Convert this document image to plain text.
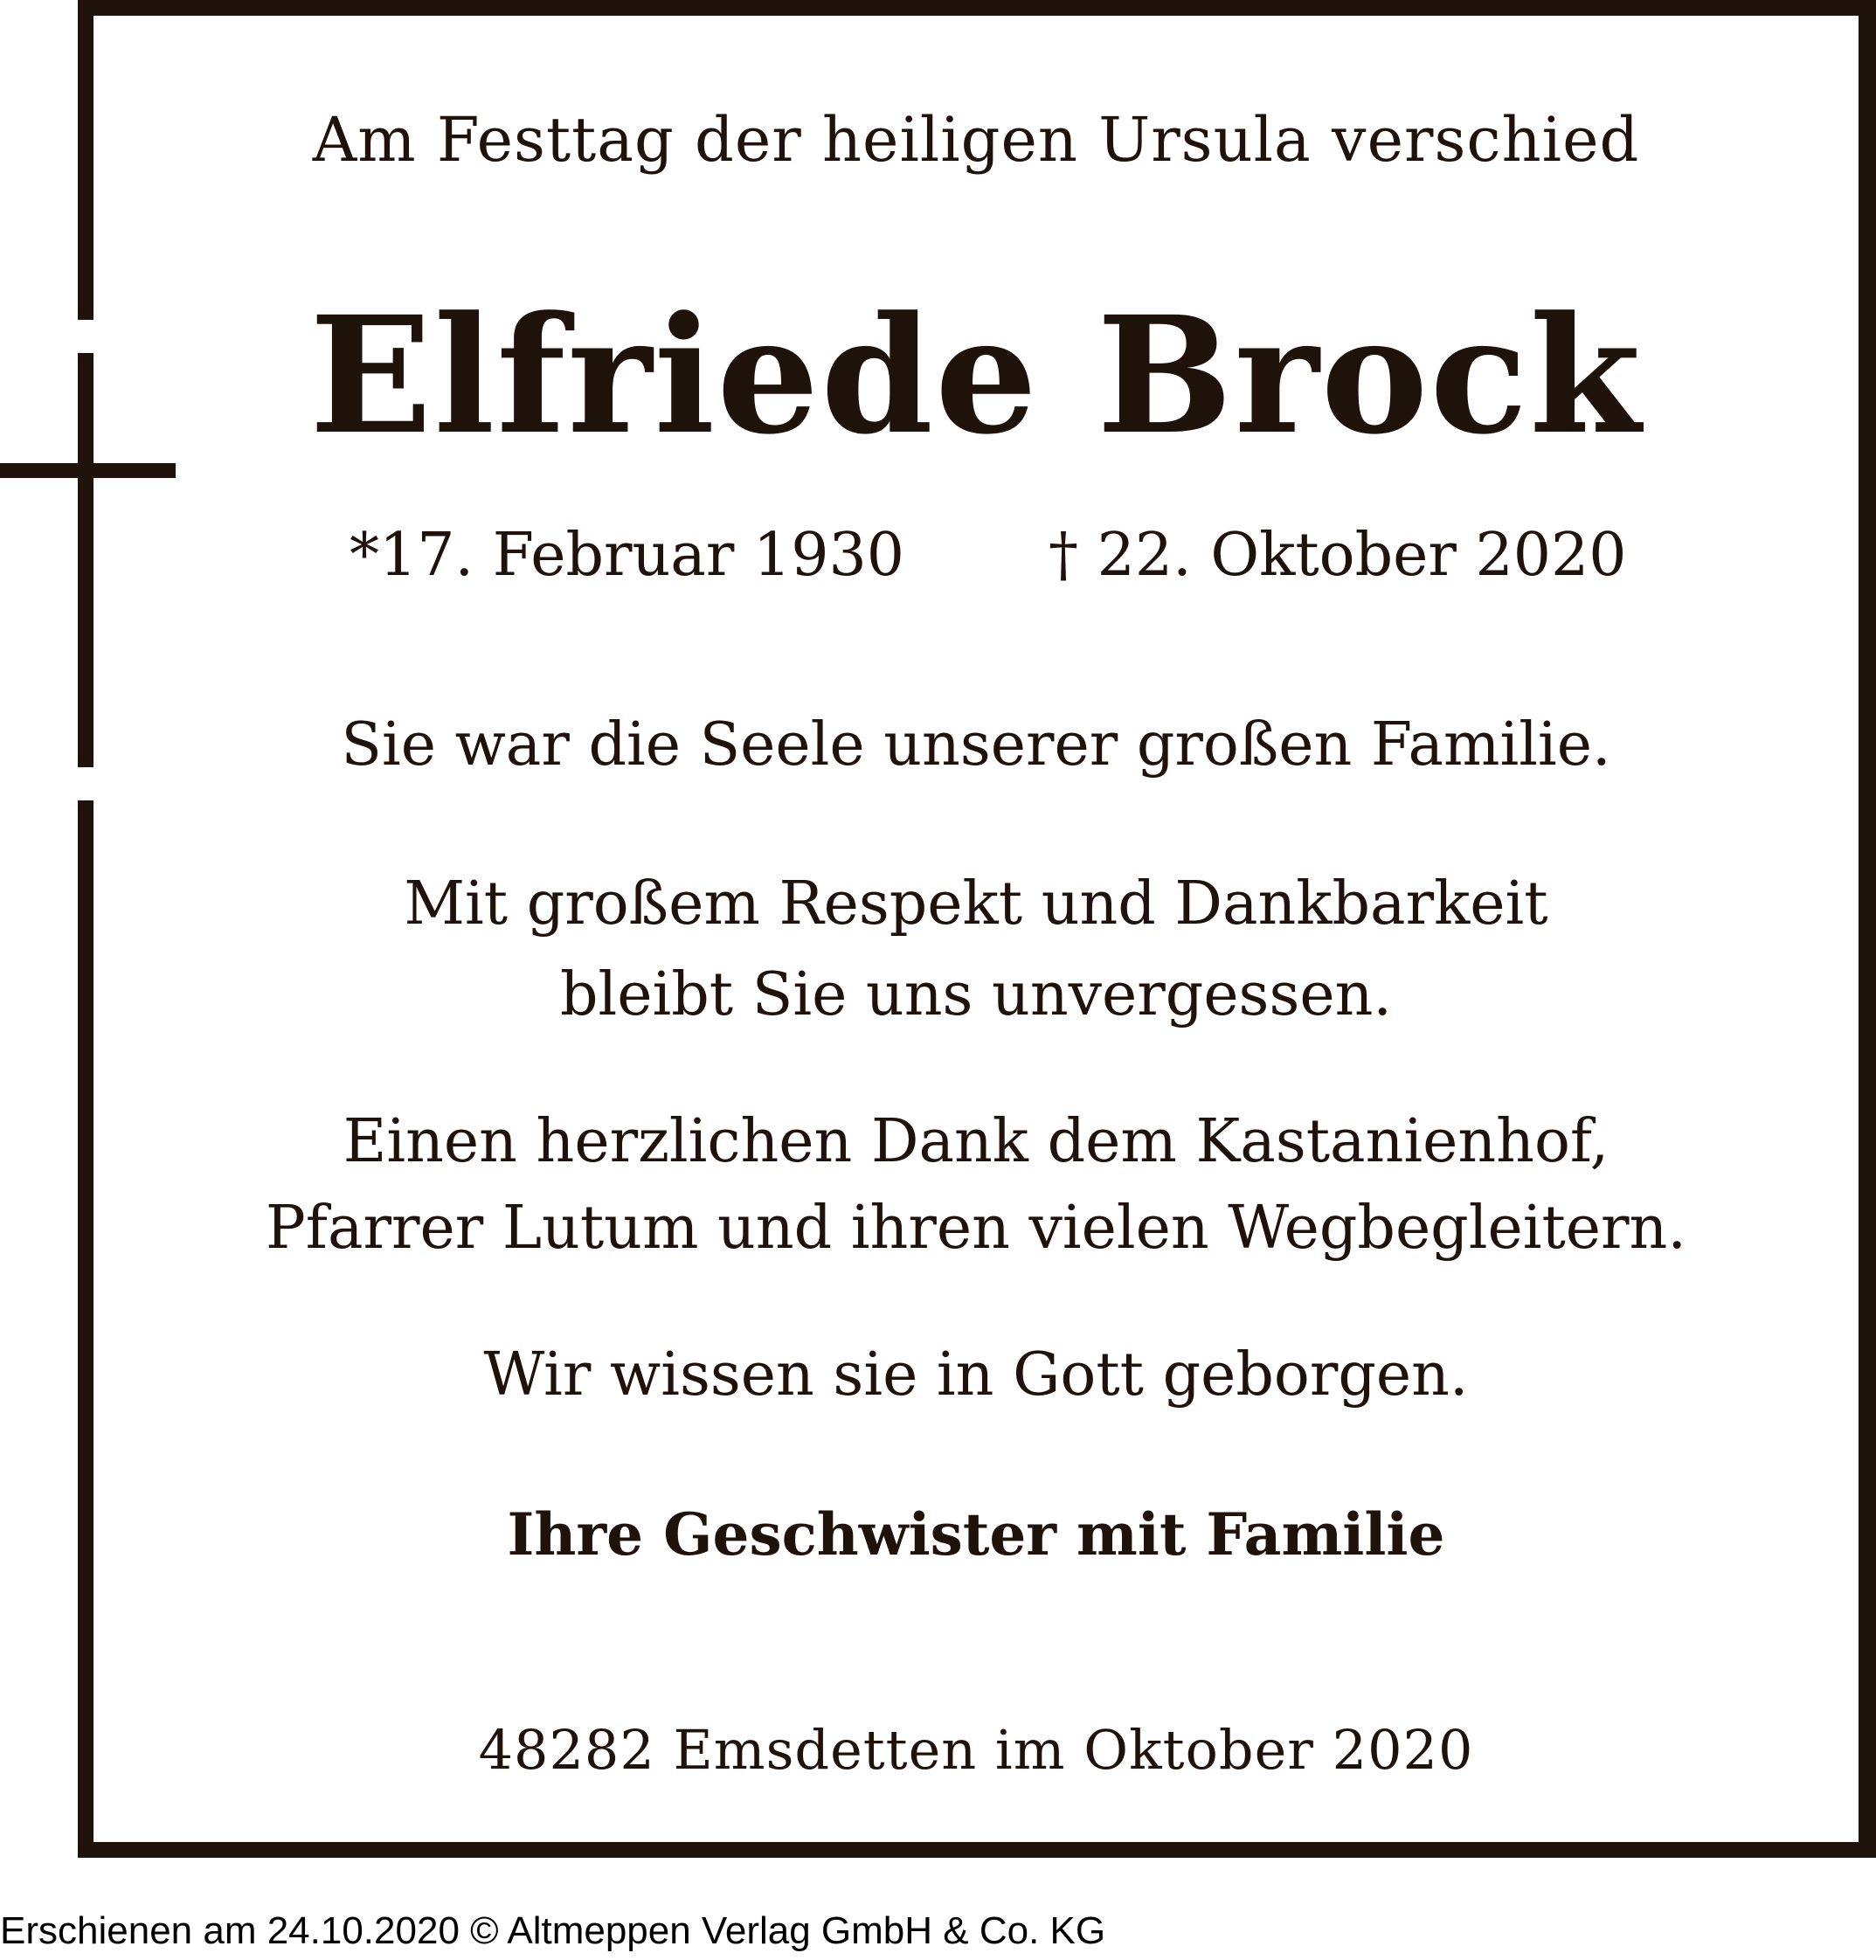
Am Festtag der heiligen Ursula verschied
Elfriede Brock
*17. Februar 1930 † 22. Oktober 2020
Sie war die Seele unserer großen Familie.
Mit großem Respekt und Dankbarkeit
bleibt Sie uns unvergessen.
Einen herzlichen Dank dem Kastanienhof,
Pfarrer Lutum und ihren vielen Wegbegleitern.
Wir wissen sie in Gott geborgen.
Ihre Geschwister mit Familie
48282 Emsdetten im Oktober 2020
Erschienen am 24.10.2020 © Altmeppen Verlag GmbH & Co. KG
